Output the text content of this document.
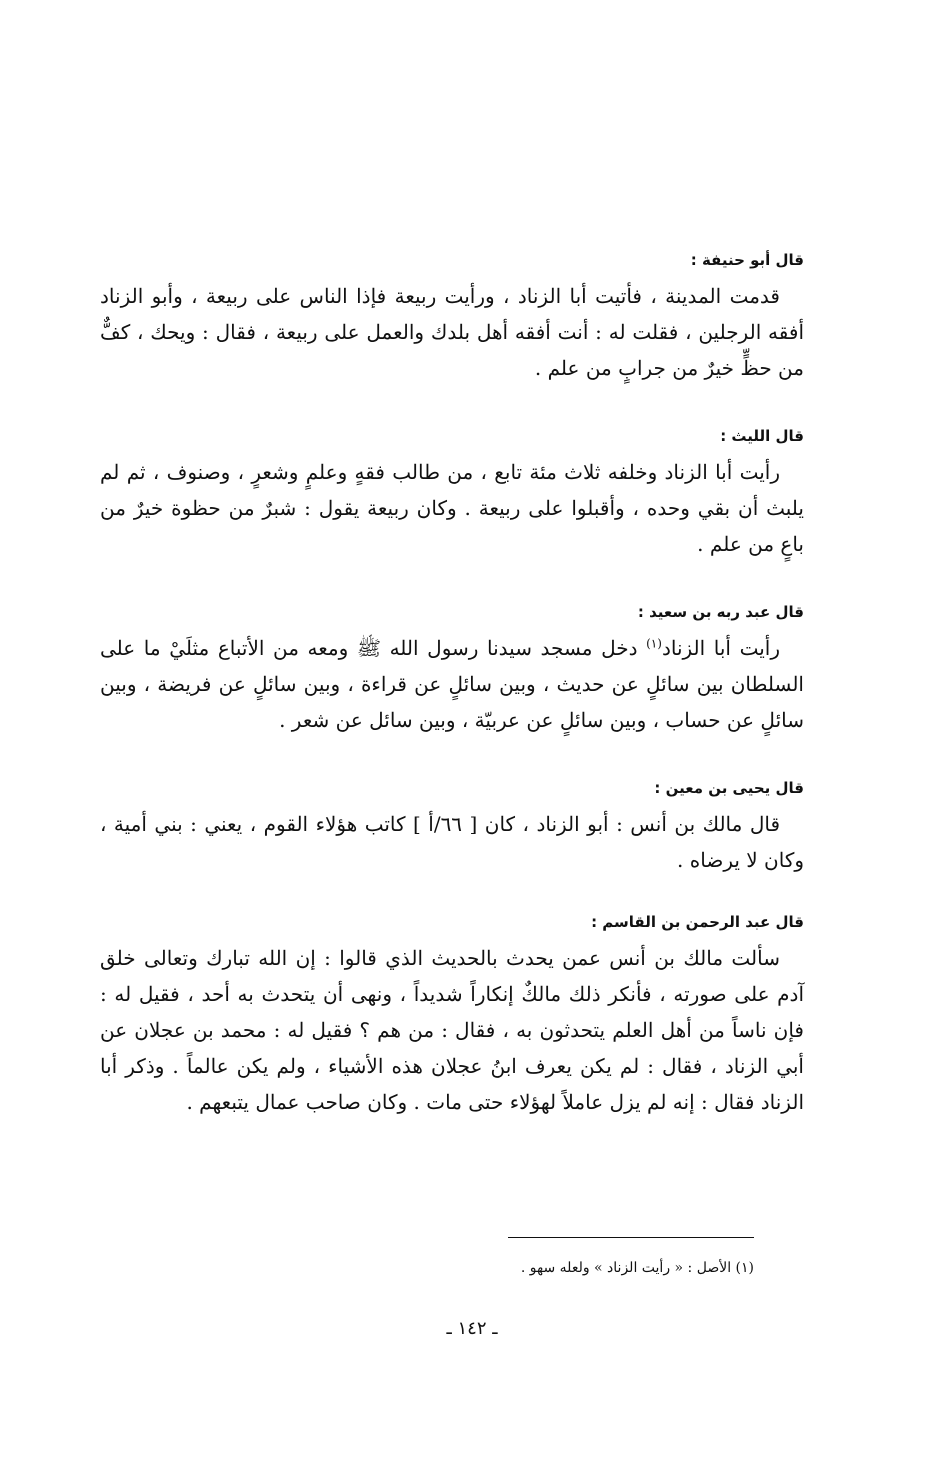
قال أبو حنيفة :

قدمت المدينة ، فأتيت أبا الزناد ، ورأيت ربيعة فإذا الناس على ربيعة ، وأبو الزناد أفقه الرجلين ، فقلت له : أنت أفقه أهل بلدك والعمل على ربيعة ، فقال : ويحك ، كفٌّ من حظٍّ خيرٌ من جرابٍ من علم .

قال الليث :

رأيت أبا الزناد وخلفه ثلاث مئة تابع ، من طالب فقهٍ وعلمٍ وشعرٍ ، وصنوف ، ثم لم يلبث أن بقي وحده ، وأقبلوا على ربيعة . وكان ربيعة يقول : شبرٌ من حظوة خيرٌ من باعٍ من علم .

قال عبد ربه بن سعيد :

رأيت أبا الزناد$^{(١)}$ دخل مسجد سيدنا رسول الله ﷺ ومعه من الأتباع مثلَيْ ما على السلطان بين سائلٍ عن حديث ، وبين سائلٍ عن قراءة ، وبين سائلٍ عن فريضة ، وبين سائلٍ عن حساب ، وبين سائلٍ عن عربيّة ، وبين سائل عن شعر .

قال يحيى بن معين :

قال مالك بن أنس : أبو الزناد ، كان [ ٦٦/أ ] كاتب هؤلاء القوم ، يعني : بني أمية ، وكان لا يرضاه .

قال عبد الرحمن بن القاسم :

سألت مالك بن أنس عمن يحدث بالحديث الذي قالوا : إن الله تبارك وتعالى خلق آدم على صورته ، فأنكر ذلك مالكٌ إنكاراً شديداً ، ونهى أن يتحدث به أحد ، فقيل له : فإن ناساً من أهل العلم يتحدثون به ، فقال : من هم ؟ فقيل له : محمد بن عجلان عن أبي الزناد ، فقال : لم يكن يعرف ابنُ عجلان هذه الأشياء ، ولم يكن عالماً . وذكر أبا الزناد فقال : إنه لم يزل عاملاً لهؤلاء حتى مات . وكان صاحب عمال يتبعهم .

(١) الأصل : « رأيت الزناد » ولعله سهو .
ـ ١٤٢ ـ
